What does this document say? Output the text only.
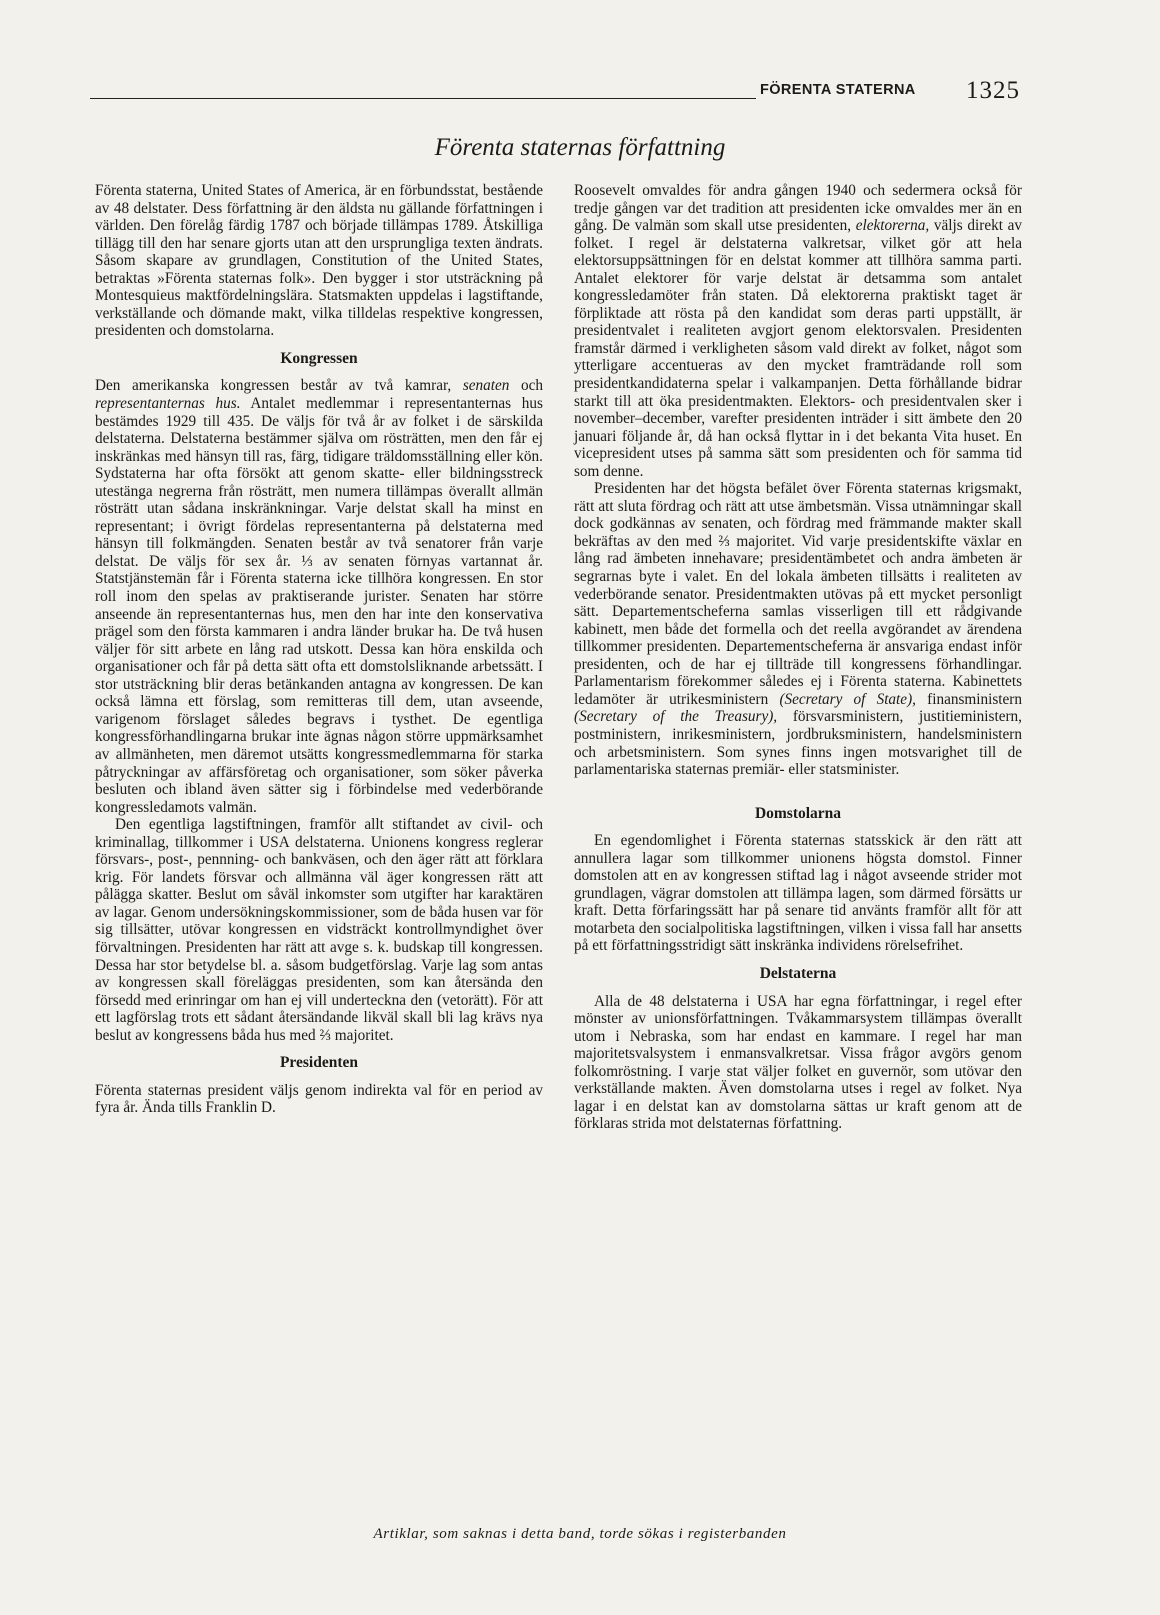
FÖRENTA STATERNA 1325
Förenta staternas författning

Förenta staterna, United States of America, är en förbundsstat, bestående av 48 delstater. Dess författning är den äldsta nu gällande författningen i världen. Den förelåg färdig 1787 och började tillämpas 1789. Åtskilliga tillägg till den har senare gjorts utan att den ursprungliga texten ändrats. Såsom skapare av grundlagen, Constitution of the United States, betraktas »Förenta staternas folk». Den bygger i stor utsträckning på Montesquieus maktfördelningslära. Statsmakten uppdelas i lagstiftande, verkställande och dömande makt, vilka tilldelas respektive kongressen, presidenten och domstolarna.

Kongressen

Den amerikanska kongressen består av två kamrar, senaten och representanternas hus. Antalet medlemmar i representanternas hus bestämdes 1929 till 435. De väljs för två år av folket i de särskilda delstaterna. Delstaterna bestämmer själva om rösträtten, men den får ej inskränkas med hänsyn till ras, färg, tidigare träldomsställning eller kön. Sydstaterna har ofta försökt att genom skatte- eller bildningsstreck utestänga negrerna från rösträtt, men numera tillämpas överallt allmän rösträtt utan sådana inskränkningar. Varje delstat skall ha minst en representant; i övrigt fördelas representanterna på delstaterna med hänsyn till folkmängden. Senaten består av två senatorer från varje delstat. De väljs för sex år. ⅓ av senaten förnyas vartannat år. Statstjänstemän får i Förenta staterna icke tillhöra kongressen. En stor roll inom den spelas av praktiserande jurister. Senaten har större anseende än representanternas hus, men den har inte den konservativa prägel som den första kammaren i andra länder brukar ha. De två husen väljer för sitt arbete en lång rad utskott. Dessa kan höra enskilda och organisationer och får på detta sätt ofta ett domstolsliknande arbetssätt. I stor utsträckning blir deras betänkanden antagna av kongressen. De kan också lämna ett förslag, som remitteras till dem, utan avseende, varigenom förslaget således begravs i tysthet. De egentliga kongressförhandlingarna brukar inte ägnas någon större uppmärksamhet av allmänheten, men däremot utsätts kongressmedlemmarna för starka påtryckningar av affärsföretag och organisationer, som söker påverka besluten och ibland även sätter sig i förbindelse med vederbörande kongressledamots valmän.

Den egentliga lagstiftningen, framför allt stiftandet av civil- och kriminallag, tillkommer i USA delstaterna. Unionens kongress reglerar försvars-, post-, pennning- och bankväsen, och den äger rätt att förklara krig. För landets försvar och allmänna väl äger kongressen rätt att pålägga skatter. Beslut om såväl inkomster som utgifter har karaktären av lagar. Genom undersökningskommissioner, som de båda husen var för sig tillsätter, utövar kongressen en vidsträckt kontrollmyndighet över förvaltningen. Presidenten har rätt att avge s. k. budskap till kongressen. Dessa har stor betydelse bl. a. såsom budgetförslag. Varje lag som antas av kongressen skall föreläggas presidenten, som kan återsända den försedd med erinringar om han ej vill underteckna den (vetorätt). För att ett lagförslag trots ett sådant återsändande likväl skall bli lag krävs nya beslut av kongressens båda hus med ⅔ majoritet.

Presidenten

Förenta staternas president väljs genom indirekta val för en period av fyra år. Ända tills Franklin D.

Roosevelt omvaldes för andra gången 1940 och sedermera också för tredje gången var det tradition att presidenten icke omvaldes mer än en gång. De valmän som skall utse presidenten, elektorerna, väljs direkt av folket. I regel är delstaterna valkretsar, vilket gör att hela elektorsuppsättningen för en delstat kommer att tillhöra samma parti. Antalet elektorer för varje delstat är detsamma som antalet kongressledamöter från staten. Då elektorerna praktiskt taget är förpliktade att rösta på den kandidat som deras parti uppställt, är presidentvalet i realiteten avgjort genom elektorsvalen. Presidenten framstår därmed i verkligheten såsom vald direkt av folket, något som ytterligare accentueras av den mycket framträdande roll som presidentkandidaterna spelar i valkampanjen. Detta förhållande bidrar starkt till att öka presidentmakten. Elektors- och presidentvalen sker i november–december, varefter presidenten inträder i sitt ämbete den 20 januari följande år, då han också flyttar in i det bekanta Vita huset. En vicepresident utses på samma sätt som presidenten och för samma tid som denne.

Presidenten har det högsta befälet över Förenta staternas krigsmakt, rätt att sluta fördrag och rätt att utse ämbetsmän. Vissa utnämningar skall dock godkännas av senaten, och fördrag med främmande makter skall bekräftas av den med ⅔ majoritet. Vid varje presidentskifte växlar en lång rad ämbeten innehavare; presidentämbetet och andra ämbeten är segrarnas byte i valet. En del lokala ämbeten tillsätts i realiteten av vederbörande senator. Presidentmakten utövas på ett mycket personligt sätt. Departementscheferna samlas visserligen till ett rådgivande kabinett, men både det formella och det reella avgörandet av ärendena tillkommer presidenten. Departementscheferna är ansvariga endast inför presidenten, och de har ej tillträde till kongressens förhandlingar. Parlamentarism förekommer således ej i Förenta staterna. Kabinettets ledamöter är utrikesministern (Secretary of State), finansministern (Secretary of the Treasury), försvarsministern, justitieministern, postministern, inrikesministern, jordbruksministern, handelsministern och arbetsministern. Som synes finns ingen motsvarighet till de parlamentariska staternas premiär- eller statsminister.

Domstolarna

En egendomlighet i Förenta staternas statsskick är den rätt att annullera lagar som tillkommer unionens högsta domstol. Finner domstolen att en av kongressen stiftad lag i något avseende strider mot grundlagen, vägrar domstolen att tillämpa lagen, som därmed försätts ur kraft. Detta förfaringssätt har på senare tid använts framför allt för att motarbeta den socialpolitiska lagstiftningen, vilken i vissa fall har ansetts på ett författningsstridigt sätt inskränka individens rörelsefrihet.

Delstaterna

Alla de 48 delstaterna i USA har egna författningar, i regel efter mönster av unionsförfattningen. Tvåkammarsystem tillämpas överallt utom i Nebraska, som har endast en kammare. I regel har man majoritetsvalsystem i enmansvalkretsar. Vissa frågor avgörs genom folkomröstning. I varje stat väljer folket en guvernör, som utövar den verkställande makten. Även domstolarna utses i regel av folket. Nya lagar i en delstat kan av domstolarna sättas ur kraft genom att de förklaras strida mot delstaternas författning.

Artiklar, som saknas i detta band, torde sökas i registerbanden
